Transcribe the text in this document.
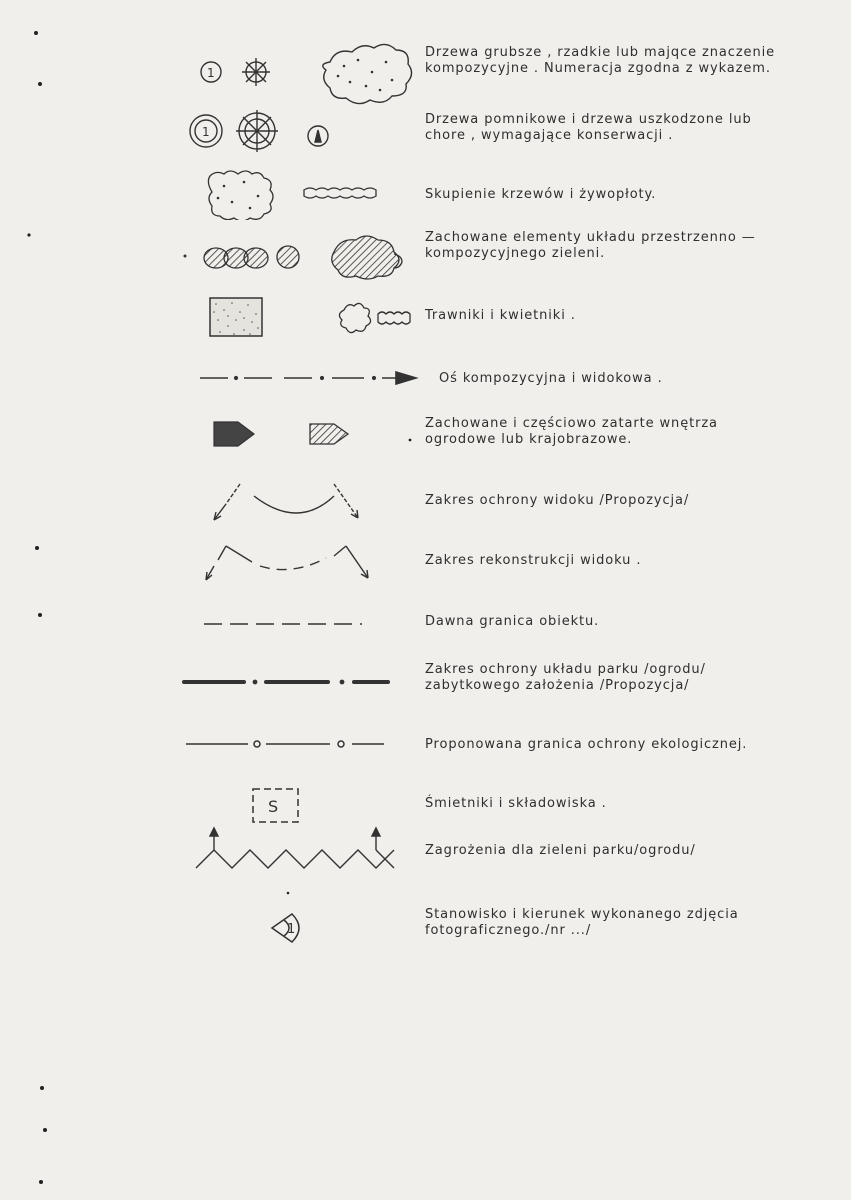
1
Drzewa grubsze , rzadkie lub majqce znaczenie
kompozycyjne . Numeracja zgodna z wykazem.
1
Drzewa pomnikowe i drzewa uszkodzone lub
chore , wymagające konserwacji .
Skupienie krzewów i żywopłoty.
Zachowane elementy układu przestrzenno —
kompozycyjnego zieleni.
Trawniki i kwietniki .
Oś kompozycyjna i widokowa .
Zachowane i częściowo zatarte wnętrza
ogrodowe lub krajobrazowe.
Zakres ochrony widoku /Propozycja/
Zakres rekonstrukcji widoku .
Dawna granica obiektu.
Zakres ochrony układu parku /ogrodu/
zabytkowego założenia /Propozycja/
Proponowana granica ochrony ekologicznej.
S	Śmietniki i składowiska .
Zagrożenia dla zieleni parku/ogrodu/
1
Stanowisko i kierunek wykonanego zdjęcia
fotograficznego./nr .../
